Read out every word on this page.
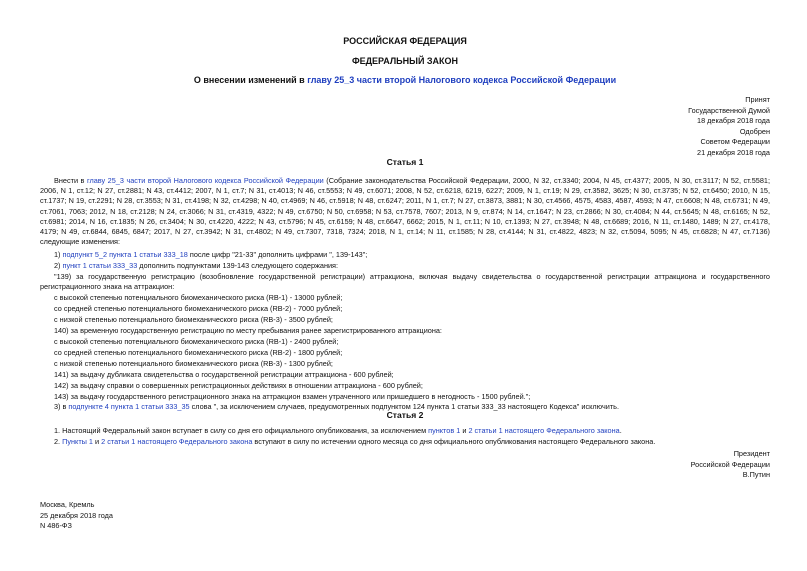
РОССИЙСКАЯ ФЕДЕРАЦИЯ
ФЕДЕРАЛЬНЫЙ ЗАКОН
О внесении изменений в главу 25_3 части второй Налогового кодекса Российской Федерации
Принят
Государственной Думой
18 декабря 2018 года
Одобрен
Советом Федерации
21 декабря 2018 года
Статья 1
Внести в главу 25_3 части второй Налогового кодекса Российской Федерации (Собрание законодательства Российской Федерации, 2000, N 32, ст.3340; 2004, N 45, ст.4377; 2005, N 30, ст.3117; N 52, ст.5581; 2006, N 1, ст.12; N 27, ст.2881; N 43, ст.4412; 2007, N 1, ст.7; N 31, ст.4013; N 46, ст.5553; N 49, ст.6071; 2008, N 52, ст.6218, 6219, 6227; 2009, N 1, ст.19; N 29, ст.3582, 3625; N 30, ст.3735; N 52, ст.6450; 2010, N 15, ст.1737; N 19, ст.2291; N 28, ст.3553; N 31, ст.4198; N 32, ст.4298; N 40, ст.4969; N 46, ст.5918; N 48, ст.6247; 2011, N 1, ст.7; N 27, ст.3873, 3881; N 30, ст.4566, 4575, 4583, 4587, 4593; N 47, ст.6608; N 48, ст.6731; N 49, ст.7061, 7063; 2012, N 18, ст.2128; N 24, ст.3066; N 31, ст.4319, 4322; N 49, ст.6750; N 50, ст.6958; N 53, ст.7578, 7607; 2013, N 9, ст.874; N 14, ст.1647; N 23, ст.2866; N 30, ст.4084; N 44, ст.5645; N 48, ст.6165; N 52, ст.6981; 2014, N 16, ст.1835; N 26, ст.3404; N 30, ст.4220, 4222; N 43, ст.5796; N 45, ст.6159; N 48, ст.6647, 6662; 2015, N 1, ст.11; N 10, ст.1393; N 27, ст.3948; N 48, ст.6689; 2016, N 11, ст.1480, 1489; N 27, ст.4178, 4179; N 49, ст.6844, 6845, 6847; 2017, N 27, ст.3942; N 31, ст.4802; N 49, ст.7307, 7318, 7324; 2018, N 1, ст.14; N 11, ст.1585; N 28, ст.4144; N 31, ст.4822, 4823; N 32, ст.5094, 5095; N 45, ст.6828; N 47, ст.7136) следующие изменения:
1) подпункт 5_2 пункта 1 статьи 333_18 после цифр "21-33" дополнить цифрами ", 139-143";
2) пункт 1 статьи 333_33 дополнить подпунктами 139-143 следующего содержания:
"139) за государственную регистрацию (возобновление государственной регистрации) аттракциона, включая выдачу свидетельства о государственной регистрации аттракциона и государственного регистрационного знака на аттракцион:
с высокой степенью потенциального биомеханического риска (RB-1) - 13000 рублей;
со средней степенью потенциального биомеханического риска (RB-2) - 7000 рублей;
с низкой степенью потенциального биомеханического риска (RB-3) - 3500 рублей;
140) за временную государственную регистрацию по месту пребывания ранее зарегистрированного аттракциона:
с высокой степенью потенциального биомеханического риска (RB-1) - 2400 рублей;
со средней степенью потенциального биомеханического риска (RB-2) - 1800 рублей;
с низкой степенью потенциального биомеханического риска (RB-3) - 1300 рублей;
141) за выдачу дубликата свидетельства о государственной регистрации аттракциона - 600 рублей;
142) за выдачу справки о совершенных регистрационных действиях в отношении аттракциона - 600 рублей;
143) за выдачу государственного регистрационного знака на аттракцион взамен утраченного или пришедшего в негодность - 1500 рублей.";
3) в подпункте 4 пункта 1 статьи 333_35 слова ", за исключением случаев, предусмотренных подпунктом 124 пункта 1 статьи 333_33 настоящего Кодекса" исключить.
Статья 2
1. Настоящий Федеральный закон вступает в силу со дня его официального опубликования, за исключением пунктов 1 и 2 статьи 1 настоящего Федерального закона.
2. Пункты 1 и 2 статьи 1 настоящего Федерального закона вступают в силу по истечении одного месяца со дня официального опубликования настоящего Федерального закона.
Президент
Российской Федерации
В.Путин
Москва, Кремль
25 декабря 2018 года
N 486-ФЗ
